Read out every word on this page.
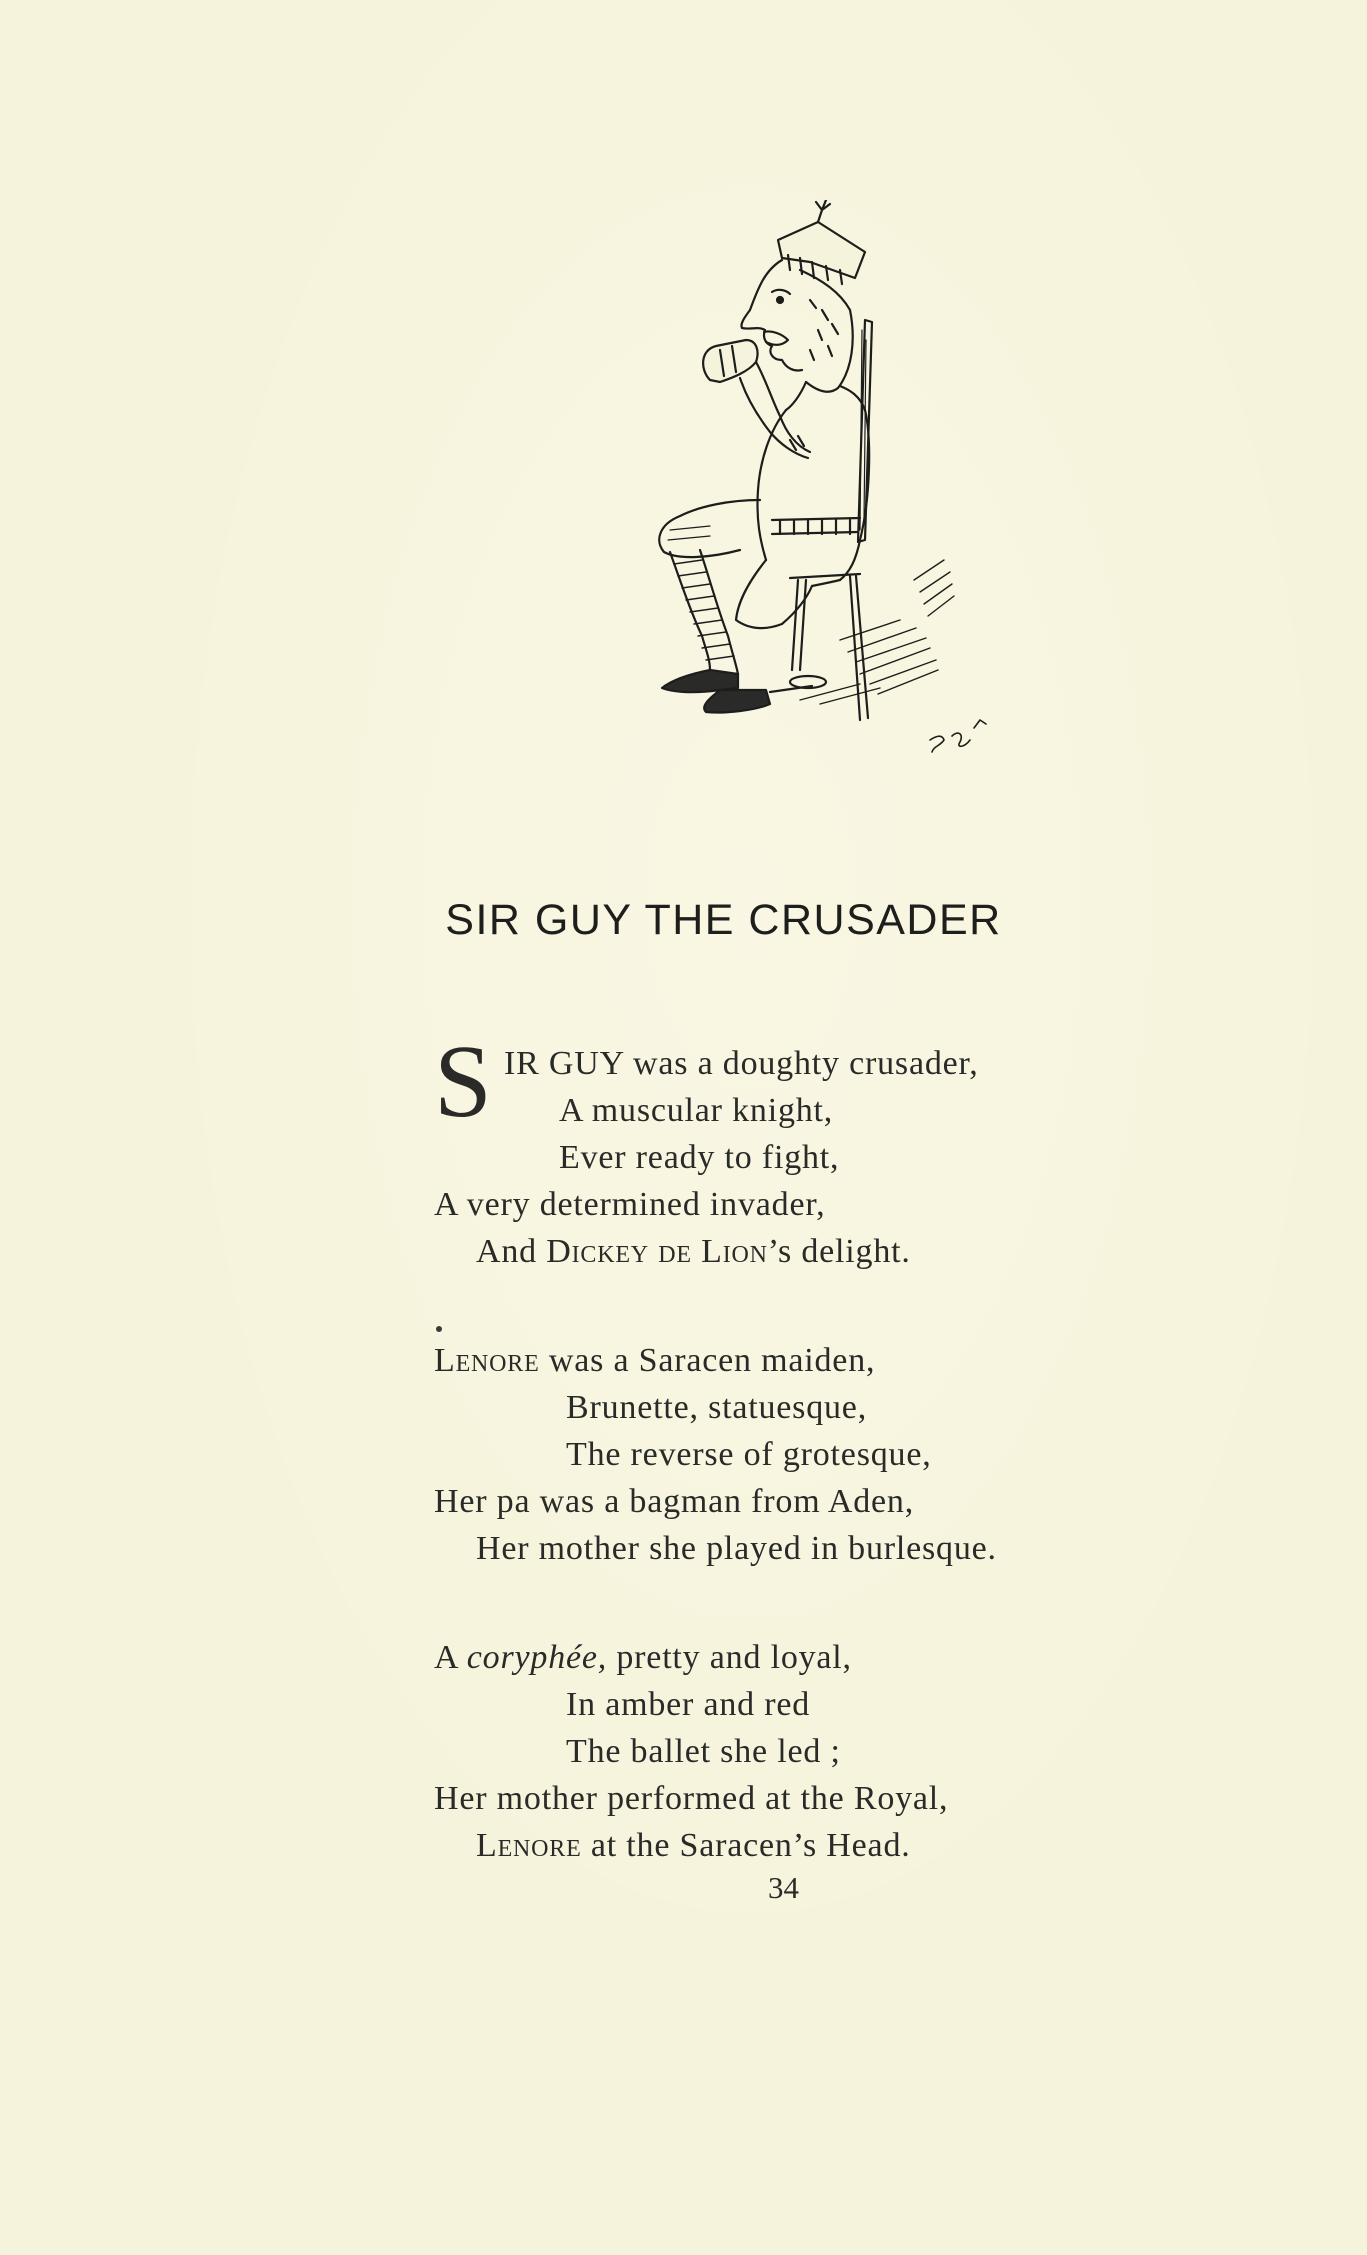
SIR GUY THE CRUSADER
S IR GUY was a doughty crusader,
A muscular knight,
Ever ready to fight,
A very determined invader,
And Dickey de Lion’s delight.
Lenore was a Saracen maiden,
Brunette, statuesque,
The reverse of grotesque,
Her pa was a bagman from Aden,
Her mother she played in burlesque.
A coryphée, pretty and loyal,
In amber and red
The ballet she led ;
Her mother performed at the Royal,
Lenore at the Saracen’s Head.
34
